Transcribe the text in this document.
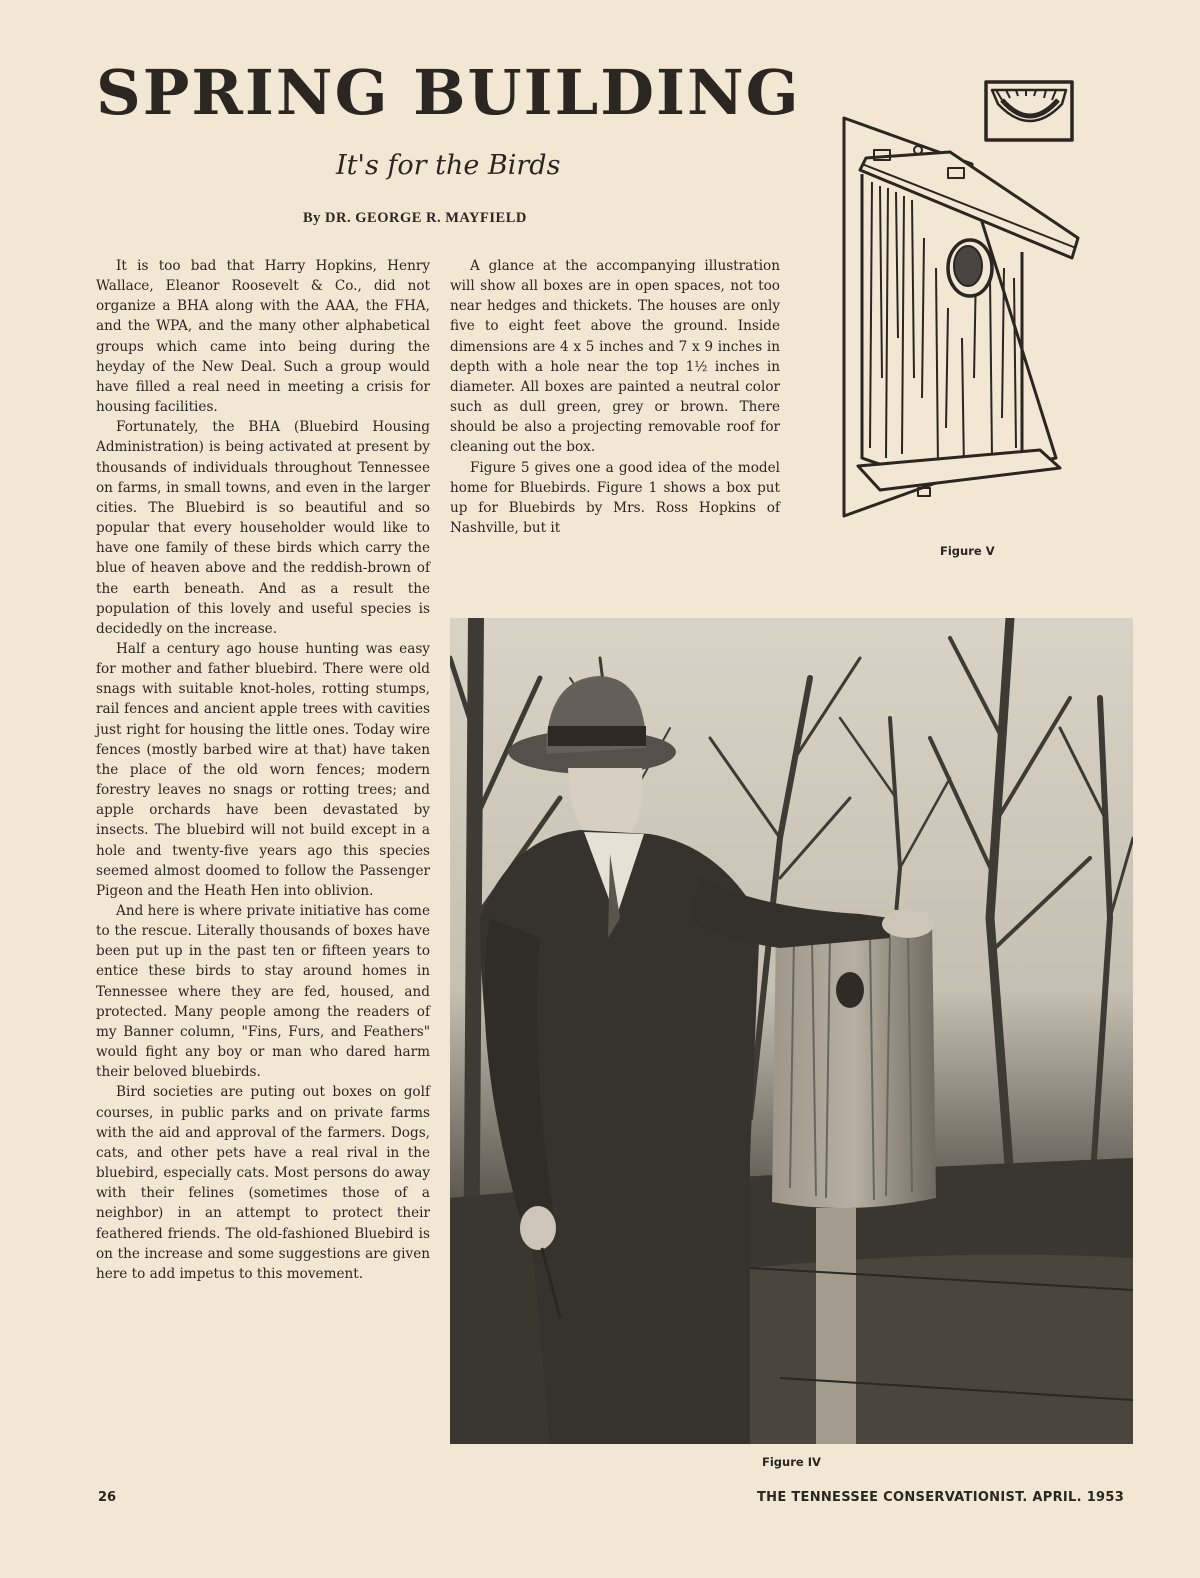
SPRING BUILDING
It's for the Birds
By DR. GEORGE R. MAYFIELD

It is too bad that Harry Hopkins, Henry Wallace, Eleanor Roosevelt & Co., did not organize a BHA along with the AAA, the FHA, and the WPA, and the many other alphabetical groups which came into being during the heyday of the New Deal. Such a group would have filled a real need in meeting a crisis for housing facilities.

Fortunately, the BHA (Bluebird Housing Administration) is being activated at present by thousands of individuals throughout Tennessee on farms, in small towns, and even in the larger cities. The Bluebird is so beautiful and so popular that every householder would like to have one family of these birds which carry the blue of heaven above and the reddish-brown of the earth beneath. And as a result the population of this lovely and useful species is decidedly on the increase.

Half a century ago house hunting was easy for mother and father bluebird. There were old snags with suitable knot-holes, rotting stumps, rail fences and ancient apple trees with cavities just right for housing the little ones. Today wire fences (mostly barbed wire at that) have taken the place of the old worn fences; modern forestry leaves no snags or rotting trees; and apple orchards have been devastated by insects. The bluebird will not build except in a hole and twenty-five years ago this species seemed almost doomed to follow the Passenger Pigeon and the Heath Hen into oblivion.

And here is where private initiative has come to the rescue. Literally thousands of boxes have been put up in the past ten or fifteen years to entice these birds to stay around homes in Tennessee where they are fed, housed, and protected. Many people among the readers of my Banner column, "Fins, Furs, and Feathers" would fight any boy or man who dared harm their beloved bluebirds.

Bird societies are puting out boxes on golf courses, in public parks and on private farms with the aid and approval of the farmers. Dogs, cats, and other pets have a real rival in the bluebird, especially cats. Most persons do away with their felines (sometimes those of a neighbor) in an attempt to protect their feathered friends. The old-fashioned Bluebird is on the increase and some suggestions are given here to add impetus to this movement.

A glance at the accompanying illustration will show all boxes are in open spaces, not too near hedges and thickets. The houses are only five to eight feet above the ground. Inside dimensions are 4 x 5 inches and 7 x 9 inches in depth with a hole near the top 1½ inches in diameter. All boxes are painted a neutral color such as dull green, grey or brown. There should be also a projecting removable roof for cleaning out the box.

Figure 5 gives one a good idea of the model home for Bluebirds. Figure 1 shows a box put up for Bluebirds by Mrs. Ross Hopkins of Nashville, but it

Figure V
Figure IV
26	THE TENNESSEE CONSERVATIONIST. APRIL. 1953
